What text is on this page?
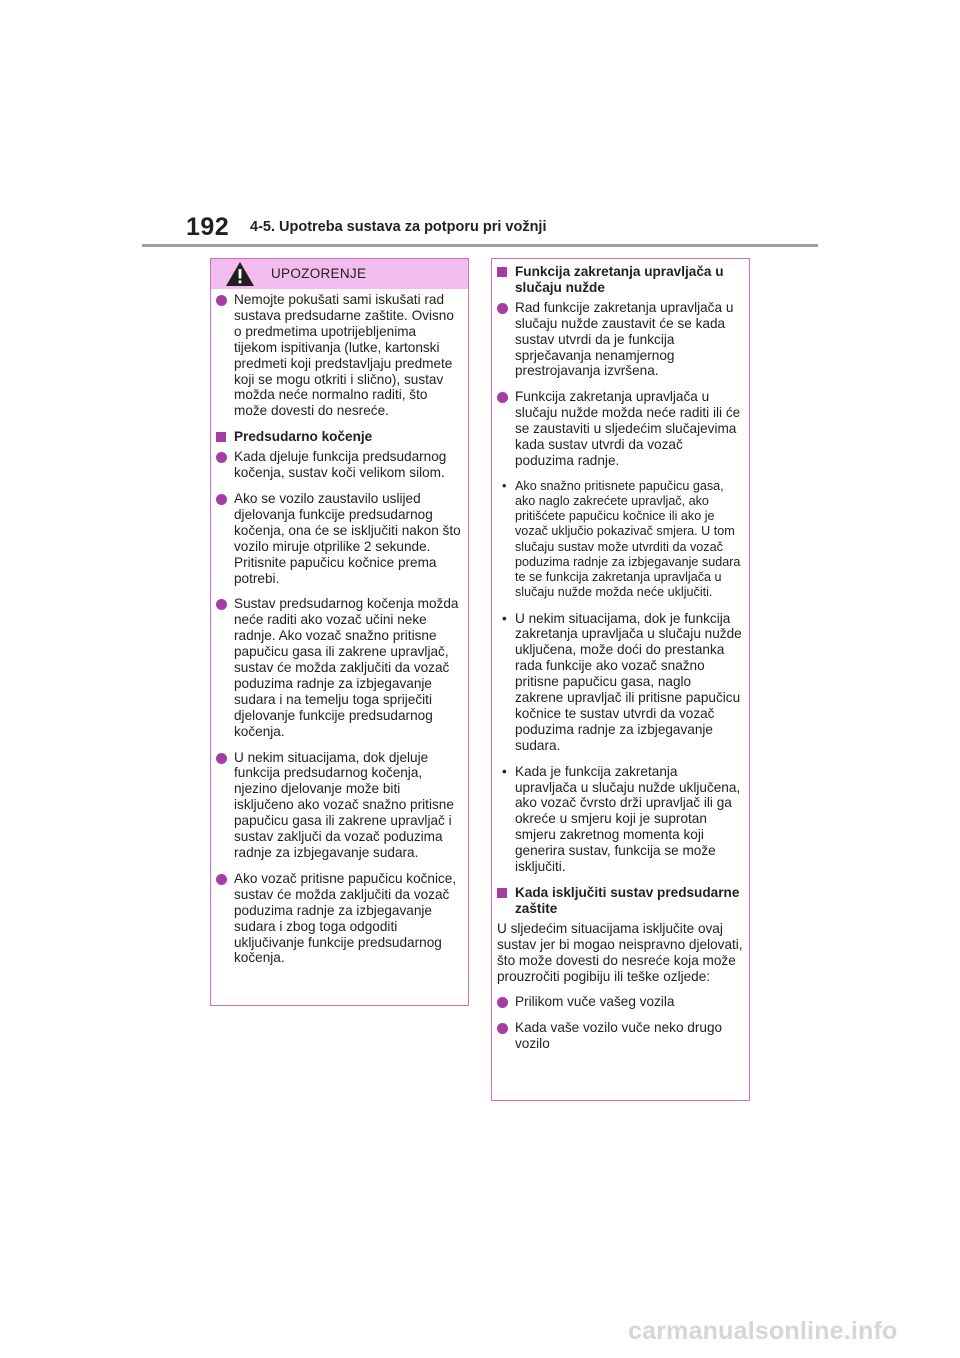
192 4-5. Upotreba sustava za potporu pri vožnji
UPOZORENJE
Nemojte pokušati sami iskušati rad sustava predsudarne zaštite. Ovisno o predmetima upotrijebljenima tijekom ispitivanja (lutke, kartonski predmeti koji predstavljaju predmete koji se mogu otkriti i slično), sustav možda neće normalno raditi, što može dovesti do nesreće.
Predsudarno kočenje
Kada djeluje funkcija predsudarnog kočenja, sustav koči velikom silom.
Ako se vozilo zaustavilo uslijed djelovanja funkcije predsudarnog kočenja, ona će se isključiti nakon što vozilo miruje otprilike 2 sekunde. Pritisnite papučicu kočnice prema potrebi.
Sustav predsudarnog kočenja možda neće raditi ako vozač učini neke radnje. Ako vozač snažno pritisne papučicu gasa ili zakrene upravljač, sustav će možda zaključiti da vozač poduzima radnje za izbjegavanje sudara i na temelju toga spriječiti djelovanje funkcije predsudarnog kočenja.
U nekim situacijama, dok djeluje funkcija predsudarnog kočenja, njezino djelovanje može biti isključeno ako vozač snažno pritisne papučicu gasa ili zakrene upravljač i sustav zaključi da vozač poduzima radnje za izbjegavanje sudara.
Ako vozač pritisne papučicu kočnice, sustav će možda zaključiti da vozač poduzima radnje za izbjegavanje sudara i zbog toga odgoditi uključivanje funkcije predsudarnog kočenja.
Funkcija zakretanja upravljača u slučaju nužde
Rad funkcije zakretanja upravljača u slučaju nužde zaustavit će se kada sustav utvrdi da je funkcija sprječavanja nenamjernog prestrojavanja izvršena.
Funkcija zakretanja upravljača u slučaju nužde možda neće raditi ili će se zaustaviti u sljedećim slučajevima kada sustav utvrdi da vozač poduzima radnje.
• Ako snažno pritisnete papučicu gasa, ako naglo zakrećete upravljač, ako pritišćete papučicu kočnice ili ako je vozač uključio pokazivač smjera. U tom slučaju sustav može utvrditi da vozač poduzima radnje za izbjegavanje sudara te se funkcija zakretanja upravljača u slučaju nužde možda neće uključiti.
• U nekim situacijama, dok je funkcija zakretanja upravljača u slučaju nužde uključena, može doći do prestanka rada funkcije ako vozač snažno pritisne papučicu gasa, naglo zakrene upravljač ili pritisne papučicu kočnice te sustav utvrdi da vozač poduzima radnje za izbjegavanje sudara.
• Kada je funkcija zakretanja upravljača u slučaju nužde uključena, ako vozač čvrsto drži upravljač ili ga okreće u smjeru koji je suprotan smjeru zakretnog momenta koji generira sustav, funkcija se može isključiti.
Kada isključiti sustav predsudarne zaštite

U sljedećim situacijama isključite ovaj sustav jer bi mogao neispravno djelovati, što može dovesti do nesreće koja može prouzročiti pogibiju ili teške ozljede:

Prilikom vuče vašeg vozila
Kada vaše vozilo vuče neko drugo vozilo
carmanualsonline.info
